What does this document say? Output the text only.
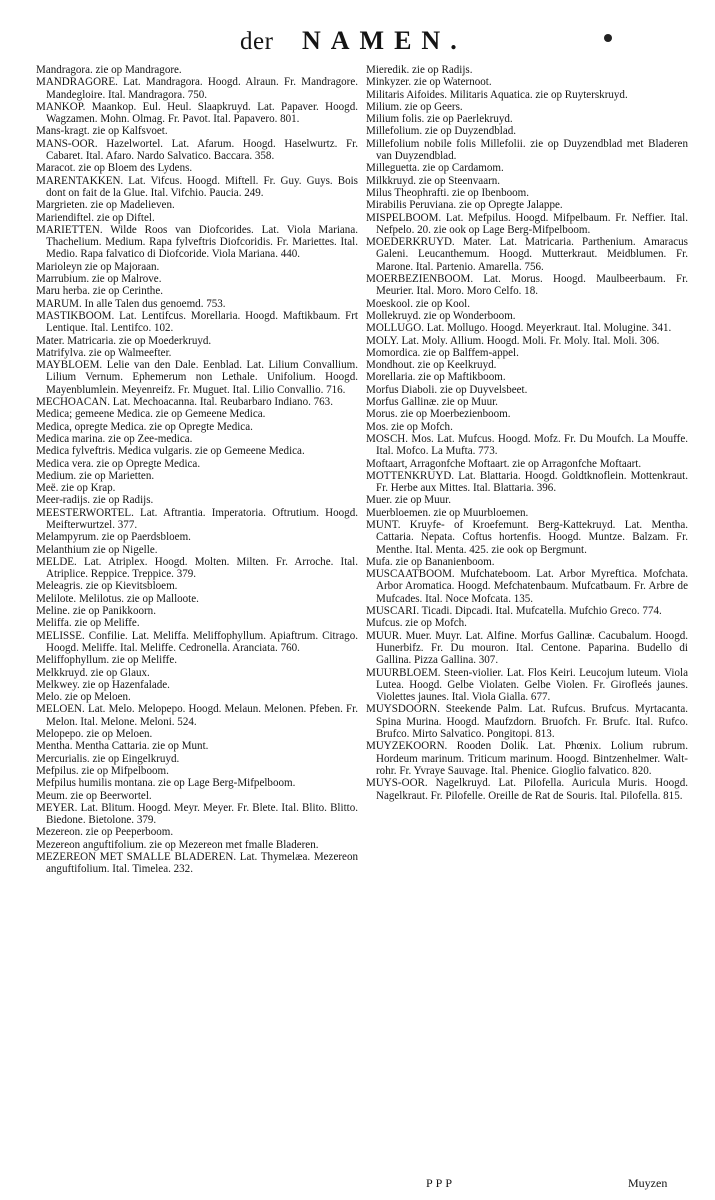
der NAMEN.

Mandragora. zie op Mandragore.

MANDRAGORE. Lat. Mandragora. Hoogd. Alraun. Fr. Mandragore. Mandegloire. Ital. Mandragora. 750.

MANKOP. Maankop. Eul. Heul. Slaapkruyd. Lat. Papaver. Hoogd. Wagzamen. Mohn. Olmag. Fr. Pavot. Ital. Papavero. 801.

Mans-kragt. zie op Kalfsvoet.

MANS-OOR. Hazelwortel. Lat. Afarum. Hoogd. Haselwurtz. Fr. Cabaret. Ital. Afaro. Nardo Salvatico. Baccara. 358.

Maracot. zie op Bloem des Lydens.

MARENTAKKEN. Lat. Vifcus. Hoogd. Miftell. Fr. Guy. Guys. Bois dont on fait de la Glue. Ital. Vifchio. Paucia. 249.

Margrieten. zie op Madelieven.

Mariendiftel. zie op Diftel.

MARIETTEN. Wilde Roos van Diofcorides. Lat. Viola Mariana. Thachelium. Medium. Rapa fylveftris Diofcoridis. Fr. Mariettes. Ital. Medio. Rapa falvatico di Diofcoride. Viola Mariana. 440.

Marioleyn zie op Majoraan.

Marrubium. zie op Malrove.

Maru herba. zie op Cerinthe.

MARUM. In alle Talen dus genoemd. 753.

MASTIKBOOM. Lat. Lentifcus. Morellaria. Hoogd. Maftikbaum. Frt Lentique. Ital. Lentifco. 102.

Mater. Matricaria. zie op Moederkruyd.

Matrifylva. zie op Walmeefter.

MAYBLOEM. Lelie van den Dale. Eenblad. Lat. Lilium Convallium. Lilium Vernum. Ephemerum non Lethale. Unifolium. Hoogd. Mayenblumlein. Meyenreifz. Fr. Muguet. Ital. Lilio Convallio. 716.

MECHOACAN. Lat. Mechoacanna. Ital. Reubarbaro Indiano. 763.

Medica; gemeene Medica. zie op Gemeene Medica.

Medica, opregte Medica. zie op Opregte Medica.

Medica marina. zie op Zee-medica.

Medica fylveftris. Medica vulgaris. zie op Gemeene Medica.

Medica vera. zie op Opregte Medica.

Medium. zie op Marietten.

Meë. zie op Krap.

Meer-radijs. zie op Radijs.

MEESTERWORTEL. Lat. Aftrantia. Imperatoria. Oftrutium. Hoogd. Meifterwurtzel. 377.

Melampyrum. zie op Paerdsbloem.

Melanthium zie op Nigelle.

MELDE. Lat. Atriplex. Hoogd. Molten. Milten. Fr. Arroche. Ital. Atriplice. Reppice. Treppice. 379.

Meleagris. zie op Kievitsbloem.

Melilote. Melilotus. zie op Malloote.

Meline. zie op Panikkoorn.

Meliffa. zie op Meliffe.

MELISSE. Confilie. Lat. Meliffa. Meliffophyllum. Apiaftrum. Citrago. Hoogd. Meliffe. Ital. Meliffe. Cedronella. Aranciata. 760.

Meliffophyllum. zie op Meliffe.

Melkkruyd. zie op Glaux.

Melkwey. zie op Hazenfalade.

Melo. zie op Meloen.

MELOEN. Lat. Melo. Melopepo. Hoogd. Melaun. Melonen. Pfeben. Fr. Melon. Ital. Melone. Meloni. 524.

Melopepo. zie op Meloen.

Mentha. Mentha Cattaria. zie op Munt.

Mercurialis. zie op Eingelkruyd.

Mefpilus. zie op Mifpelboom.

Mefpilus humilis montana. zie op Lage Berg-Mifpelboom.

Meum. zie op Beerwortel.

MEYER. Lat. Blitum. Hoogd. Meyr. Meyer. Fr. Blete. Ital. Blito. Blitto. Biedone. Bietolone. 379.

Mezereon. zie op Peeperboom.

Mezereon anguftifolium. zie op Mezereon met fmalle Bladeren.

MEZEREON MET SMALLE BLADEREN. Lat. Thymelæa. Mezereon anguftifolium. Ital. Timelea. 232.

Mieredik. zie op Radijs.

Minkyzer. zie op Waternoot.

Militaris Aifoides. Militaris Aquatica. zie op Ruyterskruyd.

Milium. zie op Geers.

Milium folis. zie op Paerlekruyd.

Millefolium. zie op Duyzendblad.

Millefolium nobile folis Millefolii. zie op Duyzendblad met Bladeren van Duyzendblad.

Milleguetta. zie op Cardamom.

Milkkruyd. zie op Steenvaarn.

Milus Theophrafti. zie op Ibenboom.

Mirabilis Peruviana. zie op Opregte Jalappe.

MISPELBOOM. Lat. Mefpilus. Hoogd. Mifpelbaum. Fr. Neffier. Ital. Nefpelo. 20. zie ook op Lage Berg-Mifpelboom.

MOEDERKRUYD. Mater. Lat. Matricaria. Parthenium. Amaracus Galeni. Leucanthemum. Hoogd. Mutterkraut. Meidblumen. Fr. Marone. Ital. Partenio. Amarella. 756.

MOERBEZIENBOOM. Lat. Morus. Hoogd. Maulbeerbaum. Fr. Meurier. Ital. Moro. Moro Celfo. 18.

Moeskool. zie op Kool.

Mollekruyd. zie op Wonderboom.

MOLLUGO. Lat. Mollugo. Hoogd. Meyerkraut. Ital. Molugine. 341.

MOLY. Lat. Moly. Allium. Hoogd. Moli. Fr. Moly. Ital. Moli. 306.

Momordica. zie op Balffem-appel.

Mondhout. zie op Keelkruyd.

Morellaria. zie op Maftikboom.

Morfus Diaboli. zie op Duyvelsbeet.

Morfus Gallinæ. zie op Muur.

Morus. zie op Moerbezienboom.

Mos. zie op Mofch.

MOSCH. Mos. Lat. Mufcus. Hoogd. Mofz. Fr. Du Moufch. La Mouffe. Ital. Mofco. La Mufta. 773.

Moftaart, Arragonfche Moftaart. zie op Arragonfche Moftaart.

MOTTENKRUYD. Lat. Blattaria. Hoogd. Goldtknoflein. Mottenkraut. Fr. Herbe aux Mittes. Ital. Blattaria. 396.

Muer. zie op Muur.

Muerbloemen. zie op Muurbloemen.

MUNT. Kruyfe- of Kroefemunt. Berg-Kattekruyd. Lat. Mentha. Cattaria. Nepata. Coftus hortenfis. Hoogd. Muntze. Balzam. Fr. Menthe. Ital. Menta. 425. zie ook op Bergmunt.

Mufa. zie op Bananienboom.

MUSCAATBOOM. Mufchateboom. Lat. Arbor Myreftica. Mofchata. Arbor Aromatica. Hoogd. Mefchatenbaum. Mufcatbaum. Fr. Arbre de Mufcades. Ital. Noce Mofcata. 135.

MUSCARI. Ticadi. Dipcadi. Ital. Mufcatella. Mufchio Greco. 774.

Mufcus. zie op Mofch.

MUUR. Muer. Muyr. Lat. Alfine. Morfus Gallinæ. Cacubalum. Hoogd. Hunerbifz. Fr. Du mouron. Ital. Centone. Paparina. Budello di Gallina. Pizza Gallina. 307.

MUURBLOEM. Steen-violier. Lat. Flos Keiri. Leucojum luteum. Viola Lutea. Hoogd. Gelbe Violaten. Gelbe Violen. Fr. Girofleés jaunes. Violettes jaunes. Ital. Viola Gialla. 677.

MUYSDOORN. Steekende Palm. Lat. Rufcus. Brufcus. Myrtacanta. Spina Murina. Hoogd. Maufzdorn. Bruofch. Fr. Brufc. Ital. Rufco. Brufco. Mirto Salvatico. Pongitopi. 813.

MUYZEKOORN. Rooden Dolik. Lat. Phœnix. Lolium rubrum. Hordeum marinum. Triticum marinum. Hoogd. Bintzenhelmer. Walt-rohr. Fr. Yvraye Sauvage. Ital. Phenice. Gioglio falvatico. 820.

MUYS-OOR. Nagelkruyd. Lat. Pilofella. Auricula Muris. Hoogd. Nagelkraut. Fr. Pilofelle. Oreille de Rat de Souris. Ital. Pilofella. 815.

PPP	Muyzen
